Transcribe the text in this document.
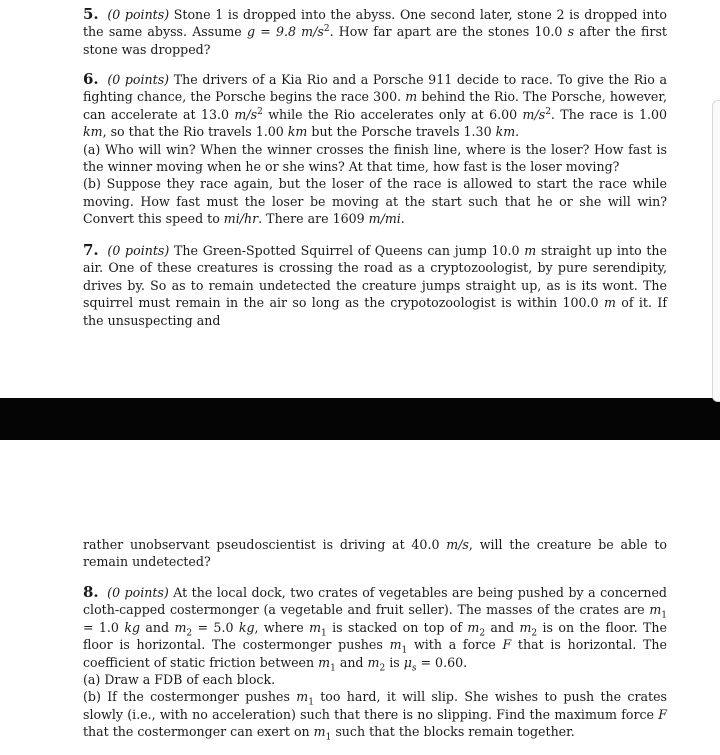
5. (0 points) Stone 1 is dropped into the abyss. One second later, stone 2 is dropped into the same abyss. Assume g = 9.8 $m/s^2$. How far apart are the stones 10.0 s after the first stone was dropped?

6. (0 points) The drivers of a Kia Rio and a Porsche 911 decide to race. To give the Rio a fighting chance, the Porsche begins the race 300. m behind the Rio. The Porsche, however, can accelerate at 13.0 $m/s^2$ while the Rio accelerates only at 6.00 $m/s^2$. The race is 1.00 km, so that the Rio travels 1.00 km but the Porsche travels 1.30 km.

(a) Who will win? When the winner crosses the finish line, where is the loser? How fast is the winner moving when he or she wins? At that time, how fast is the loser moving?

(b) Suppose they race again, but the loser of the race is allowed to start the race while moving. How fast must the loser be moving at the start such that he or she will win? Convert this speed to mi/hr. There are 1609 m/mi.

7. (0 points) The Green-Spotted Squirrel of Queens can jump 10.0 m straight up into the air. One of these creatures is crossing the road as a cryptozoologist, by pure serendipity, drives by. So as to remain undetected the creature jumps straight up, as is its wont. The squirrel must remain in the air so long as the crypotozoologist is within 100.0 m of it. If the unsuspecting and

rather unobservant pseudoscientist is driving at 40.0 m/s, will the creature be able to remain undetected?

8. (0 points) At the local dock, two crates of vegetables are being pushed by a concerned cloth-capped costermonger (a vegetable and fruit seller). The masses of the crates are $m_1 = 1.0$ kg and $m_2 = 5.0$ kg, where $m_1$ is stacked on top of $m_2$ and $m_2$ is on the floor. The floor is horizontal. The costermonger pushes $m_1$ with a force F that is horizontal. The coefficient of static friction between $m_1$ and $m_2$ is $\mu_s = 0.60$.

(a) Draw a FDB of each block.

(b) If the costermonger pushes $m_1$ too hard, it will slip. She wishes to push the crates slowly (i.e., with no acceleration) such that there is no slipping. Find the maximum force F that the costermonger can exert on $m_1$ such that the blocks remain together.
